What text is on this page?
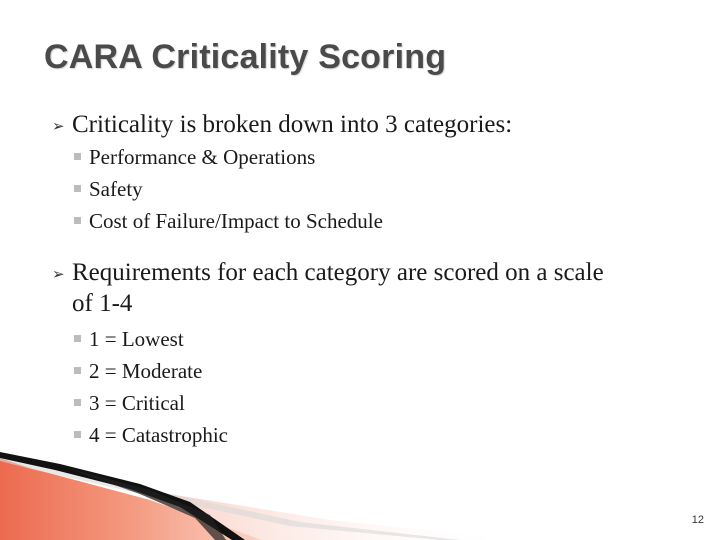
CARA Criticality Scoring
➢ Criticality is broken down into 3 categories:
Performance & Operations
Safety
Cost of Failure/Impact to Schedule
➢ Requirements for each category are scored on a scale
of 1-4
1 = Lowest
2 = Moderate
3 = Critical
4 = Catastrophic
12
